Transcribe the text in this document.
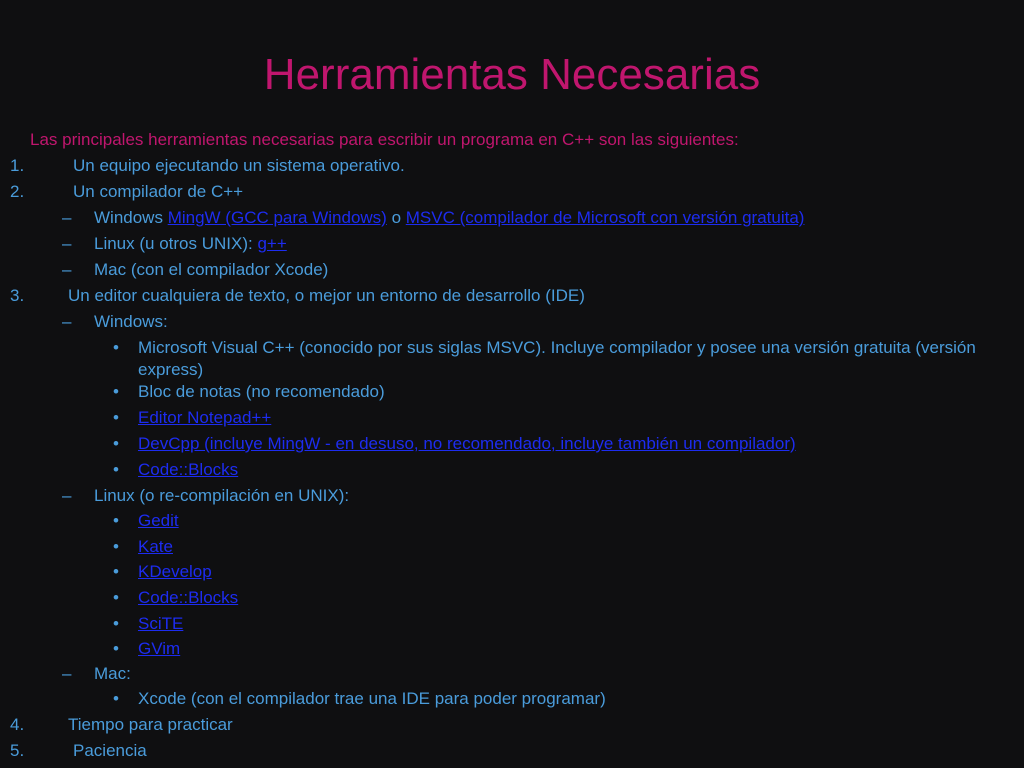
Herramientas Necesarias
Las principales herramientas necesarias para escribir un programa en C++ son las siguientes:
1.	Un equipo ejecutando un sistema operativo.
2.	Un compilador de C++
– Windows MingW (GCC para Windows) o MSVC (compilador de Microsoft con versión gratuita)
– Linux (u otros UNIX): g++
– Mac (con el compilador Xcode)
3.	Un editor cualquiera de texto, o mejor un entorno de desarrollo (IDE)
– Windows:
• Microsoft Visual C++ (conocido por sus siglas MSVC). Incluye compilador y posee una versión gratuita (versión express)
• Bloc de notas (no recomendado)
• Editor Notepad++
• DevCpp (incluye MingW - en desuso, no recomendado, incluye también un compilador)
• Code::Blocks
– Linux (o re-compilación en UNIX):
• Gedit
• Kate
• KDevelop
• Code::Blocks
• SciTE
• GVim
– Mac:
• Xcode (con el compilador trae una IDE para poder programar)
4.	Tiempo para practicar
5.	Paciencia
